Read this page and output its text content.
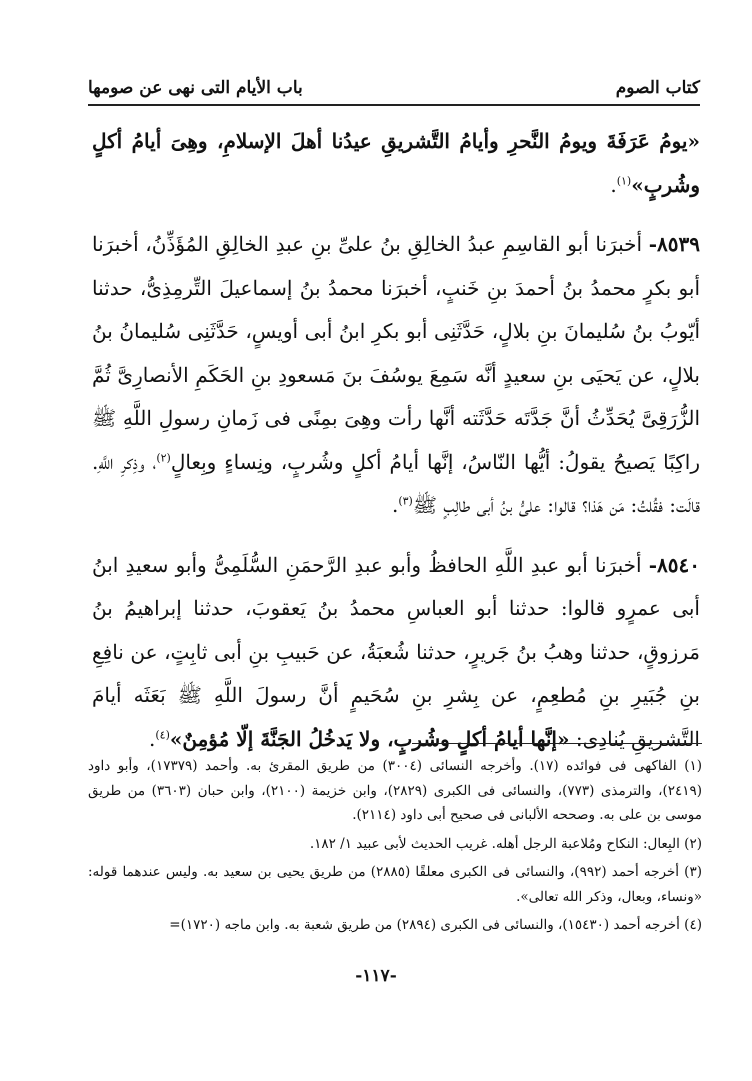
كتاب الصوم
باب الأيام التى نهى عن صومها

«يومُ عَرَفَةَ ويومُ النَّحرِ وأيامُ التَّشريقِ عيدُنا أهلَ الإسلامِ، وهِىَ أيامُ أكلٍ وشُربٍ»$^{(١)}$.

٨٥٣٩- أخبرَنا أبو القاسِمِ عبدُ الخالِقِ بنُ علىِّ بنِ عبدِ الخالِقِ المُؤَذِّنُ، أخبرَنا أبو بكرٍ محمدُ بنُ أحمدَ بنِ خَنبٍ، أخبرَنا محمدُ بنُ إسماعيلَ التِّرمِذِىُّ، حدثنا أيّوبُ بنُ سُليمانَ بنِ بلالٍ، حَدَّثَنِى أبو بكرِ ابنُ أبى أويسٍ، حَدَّثَنِى سُليمانُ بنُ بلالٍ، عن يَحيَى بنِ سعيدٍ أنَّه سَمِعَ يوسُفَ بنَ مَسعودِ بنِ الحَكَمِ الأنصارِىَّ ثُمَّ الزُّرَقِىَّ يُحَدِّثُ أنَّ جَدَّتَه حَدَّثَته أنَّها رأت وهِىَ بمِنًى فى زَمانِ رسولِ اللَّهِ ﷺ راكِبًا يَصيحُ يقولُ: أيُّها النّاسُ، إنَّها أيامُ أكلٍ وشُربٍ، ونِساءٍ وبِعالٍ$^{(٢)}$، وذِكرِ اللَّهِ. قالَت: فقُلتُ: مَن هَذا؟ قالوا: علىُّ بنُ أبى طالِبٍ ﷺ$^{(٣)}$.

٨٥٤٠- أخبرَنا أبو عبدِ اللَّهِ الحافظُ وأبو عبدِ الرَّحمَنِ السُّلَمِىُّ وأبو سعيدِ ابنُ أبى عمرٍو قالوا: حدثنا أبو العباسِ محمدُ بنُ يَعقوبَ، حدثنا إبراهيمُ بنُ مَرزوقٍ، حدثنا وهبُ بنُ جَريرٍ، حدثنا شُعبَةُ، عن حَبيبِ بنِ أبى ثابِتٍ، عن نافِعِ بنِ جُبَيرِ بنِ مُطعِمٍ، عن بِشرِ بنِ سُحَيمٍ أنَّ رسولَ اللَّهِ ﷺ بَعَثَه أيامَ التَّشريقِ يُنادِى: «إنَّها أيامُ أكلٍ وشُربٍ، ولا يَدخُلُ الجَنَّةَ إلّا مُؤمِنٌ»$^{(٤)}$.

(١) الفاكهى فى فوائده (١٧). وأخرجه النسائى (٣٠٠٤) من طريق المقرئ به. وأحمد (١٧٣٧٩)، وأبو داود (٢٤١٩)، والترمذى (٧٧٣)، والنسائى فى الكبرى (٢٨٢٩)، وابن خزيمة (٢١٠٠)، وابن حبان (٣٦٠٣) من طريق موسى بن على به. وصححه الألبانى فى صحيح أبى داود (٢١١٤).

(٢) البِعال: النكاح ومُلاعبة الرجل أهله. غريب الحديث لأبى عبيد ١/ ١٨٢.

(٣) أخرجه أحمد (٩٩٢)، والنسائى فى الكبرى معلقًا (٢٨٨٥) من طريق يحيى بن سعيد به. وليس عندهما قوله: «ونساء، وبعال، وذكر الله تعالى».

(٤) أخرجه أحمد (١٥٤٣٠)، والنسائى فى الكبرى (٢٨٩٤) من طريق شعبة به. وابن ماجه (١٧٢٠)=

-١١٧-
